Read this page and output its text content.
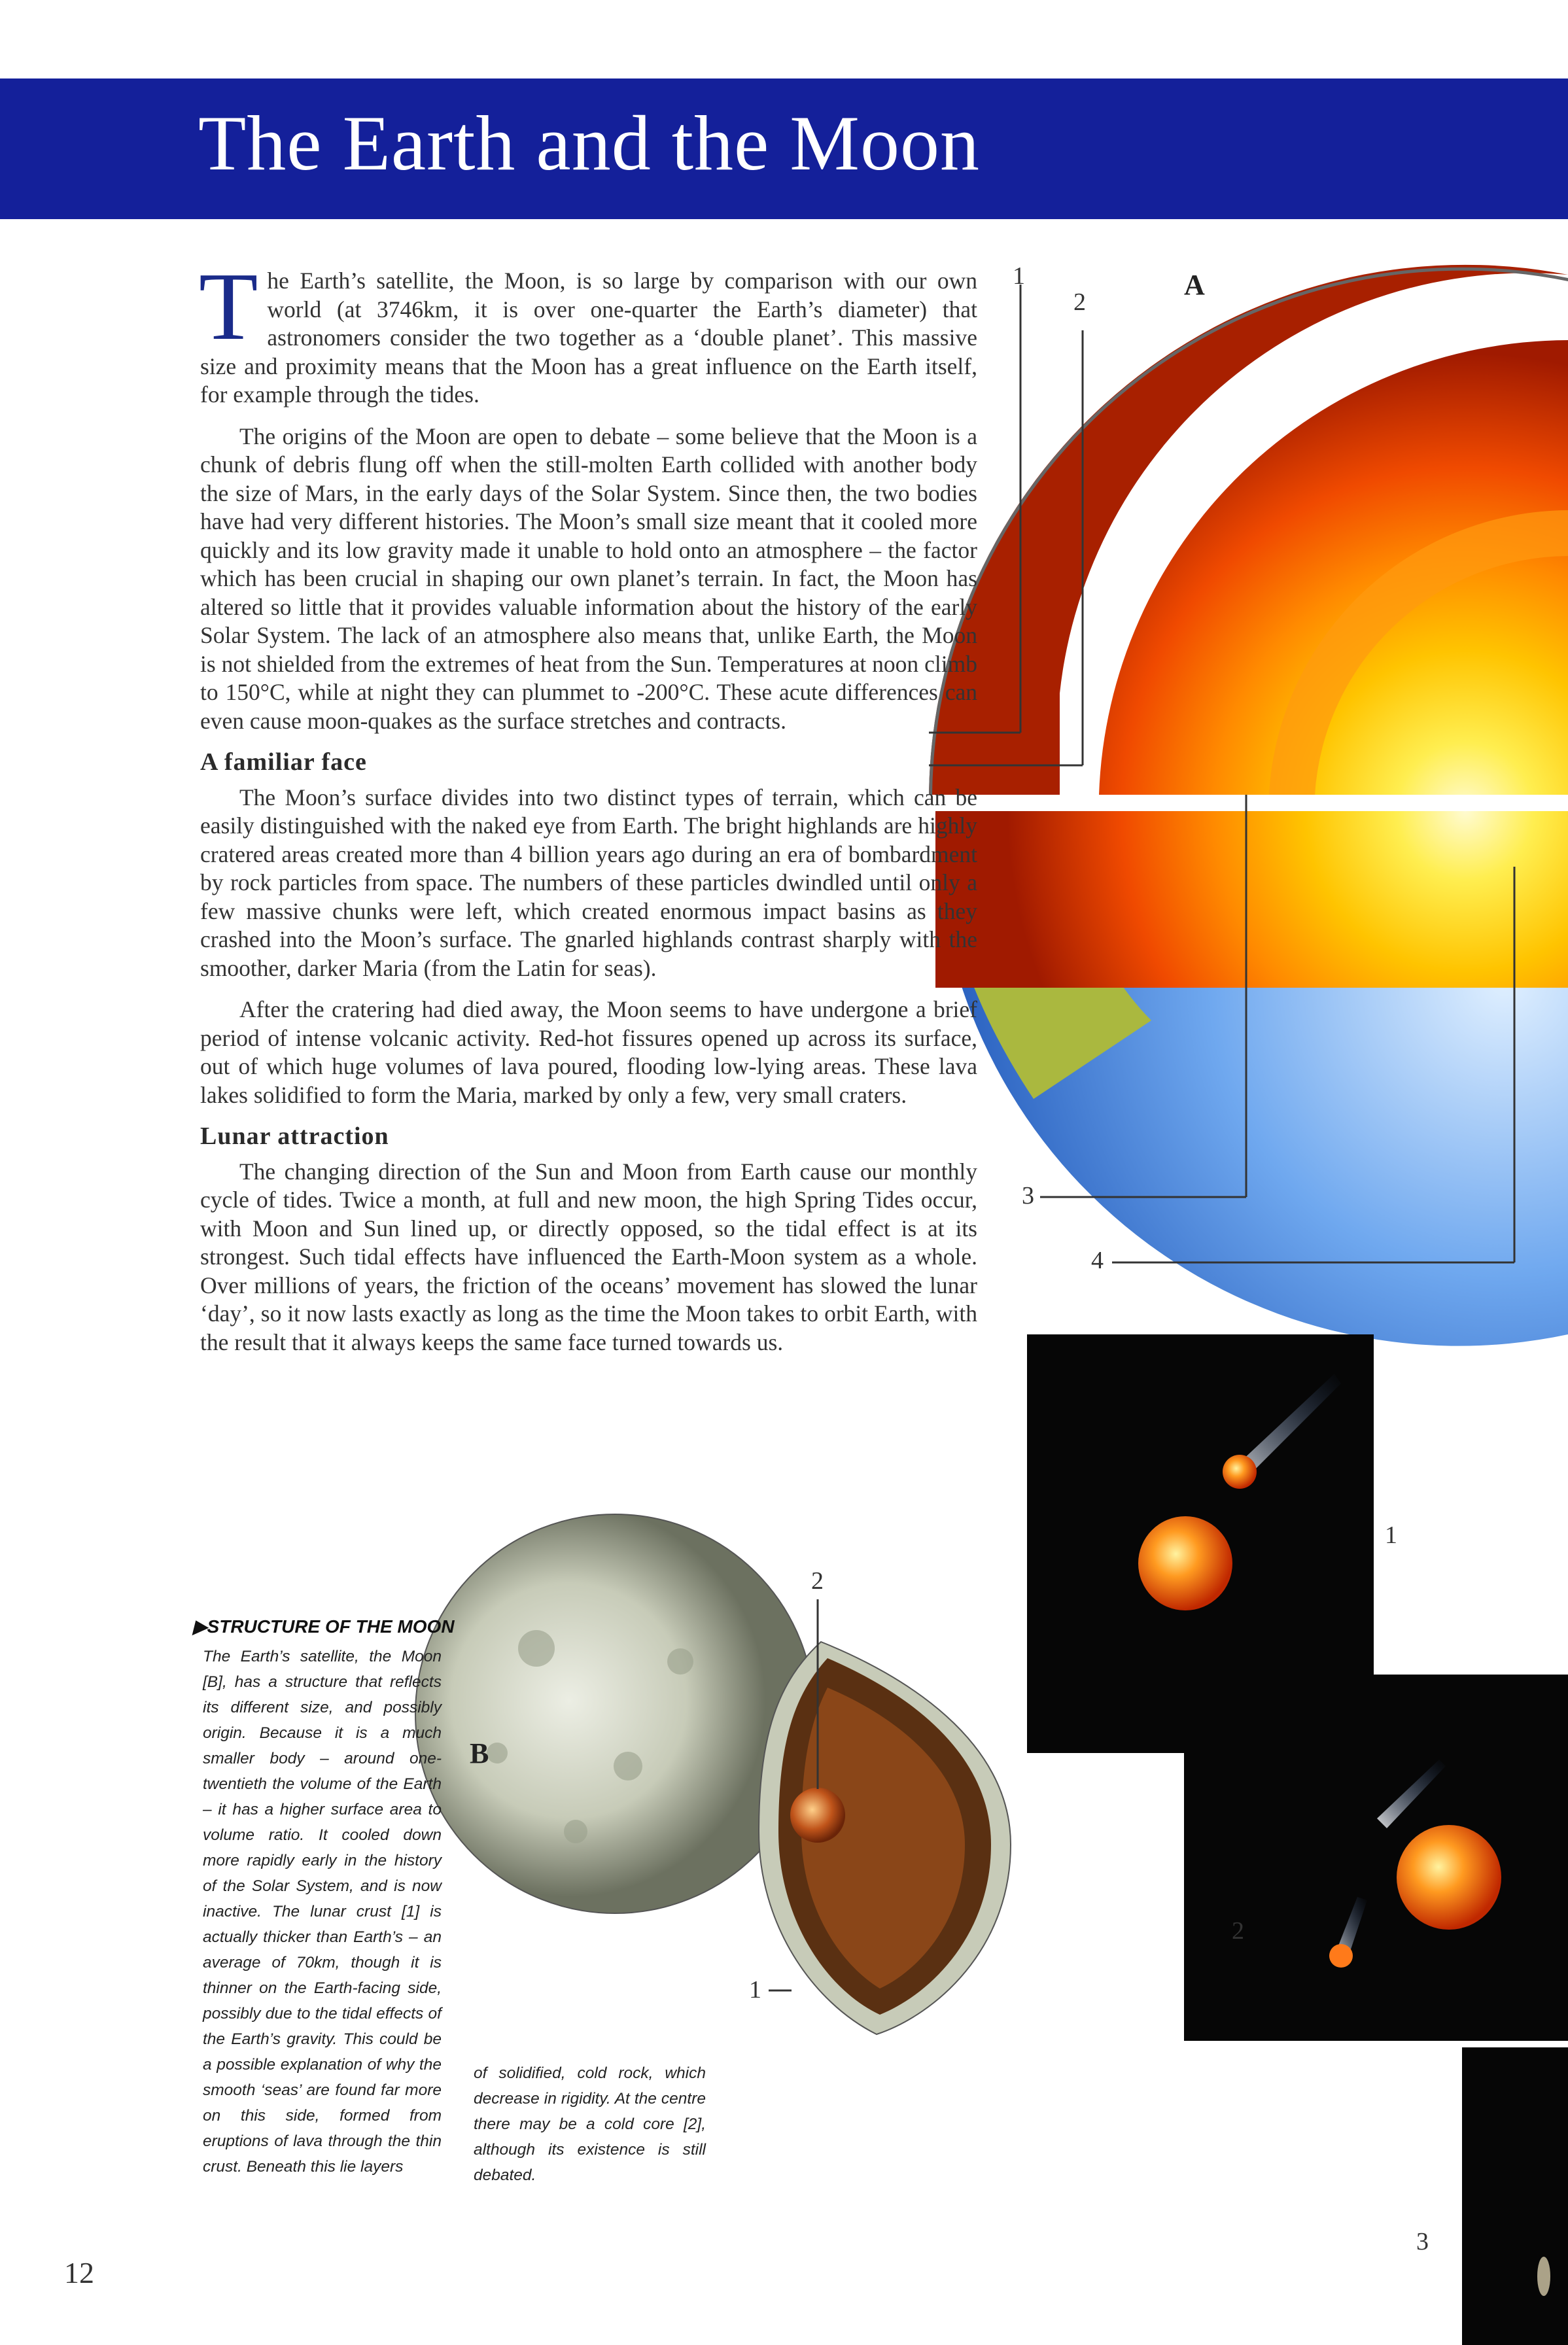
The Earth and the Moon

The Earth’s satellite, the Moon, is so large by comparison with our own world (at 3746km, it is over one-quarter the Earth’s diameter) that astronomers consider the two together as a ‘double planet’. This massive size and proximity means that the Moon has a great influence on the Earth itself, for example through the tides.

The origins of the Moon are open to debate – some believe that the Moon is a chunk of debris flung off when the still-molten Earth collided with another body the size of Mars, in the early days of the Solar System. Since then, the two bodies have had very different histories. The Moon’s small size meant that it cooled more quickly and its low gravity made it unable to hold onto an atmosphere – the factor which has been crucial in shaping our own planet’s terrain. In fact, the Moon has altered so little that it provides valuable information about the history of the early Solar System. The lack of an atmosphere also means that, unlike Earth, the Moon is not shielded from the extremes of heat from the Sun. Temperatures at noon climb to 150°C, while at night they can plummet to -200°C. These acute differences can even cause moon-quakes as the surface stretches and contracts.

A familiar face

The Moon’s surface divides into two distinct types of terrain, which can be easily distinguished with the naked eye from Earth. The bright highlands are highly cratered areas created more than 4 billion years ago during an era of bombardment by rock particles from space. The numbers of these particles dwindled until only a few massive chunks were left, which created enormous impact basins as they crashed into the Moon’s surface. The gnarled highlands contrast sharply with the smoother, darker Maria (from the Latin for seas).

After the cratering had died away, the Moon seems to have undergone a brief period of intense volcanic activity. Red-hot fissures opened up across its surface, out of which huge volumes of lava poured, flooding low-lying areas. These lava lakes solidified to form the Maria, marked by only a few, very small craters.

Lunar attraction

The changing direction of the Sun and Moon from Earth cause our monthly cycle of tides. Twice a month, at full and new moon, the high Spring Tides occur, with Moon and Sun lined up, or directly opposed, so the tidal effect is at its strongest. Such tidal effects have influenced the Earth-Moon system as a whole. Over millions of years, the friction of the oceans’ movement has slowed the lunar ‘day’, so it now lasts exactly as long as the time the Moon takes to orbit Earth, with the result that it always keeps the same face turned towards us.

▶STRUCTURE OF THE MOON
The Earth’s satellite, the Moon [B], has a structure that reflects its different size, and possibly origin. Because it is a much smaller body – around one-twentieth the volume of the Earth – it has a higher surface area to volume ratio. It cooled down more rapidly early in the history of the Solar System, and is now inactive. The lunar crust [1] is actually thicker than Earth’s – an average of 70km, though it is thinner on the Earth-facing side, possibly due to the tidal effects of the Earth’s gravity. This could be a possible explanation of why the smooth ‘seas’ are found far more on this side, formed from eruptions of lava through the thin crust. Beneath this lie layers
of solidified, cold rock, which decrease in rigidity. At the centre there may be a cold core [2], although its existence is still debated.
A
1
2
3
4
B
1
2
1
2
3
12
